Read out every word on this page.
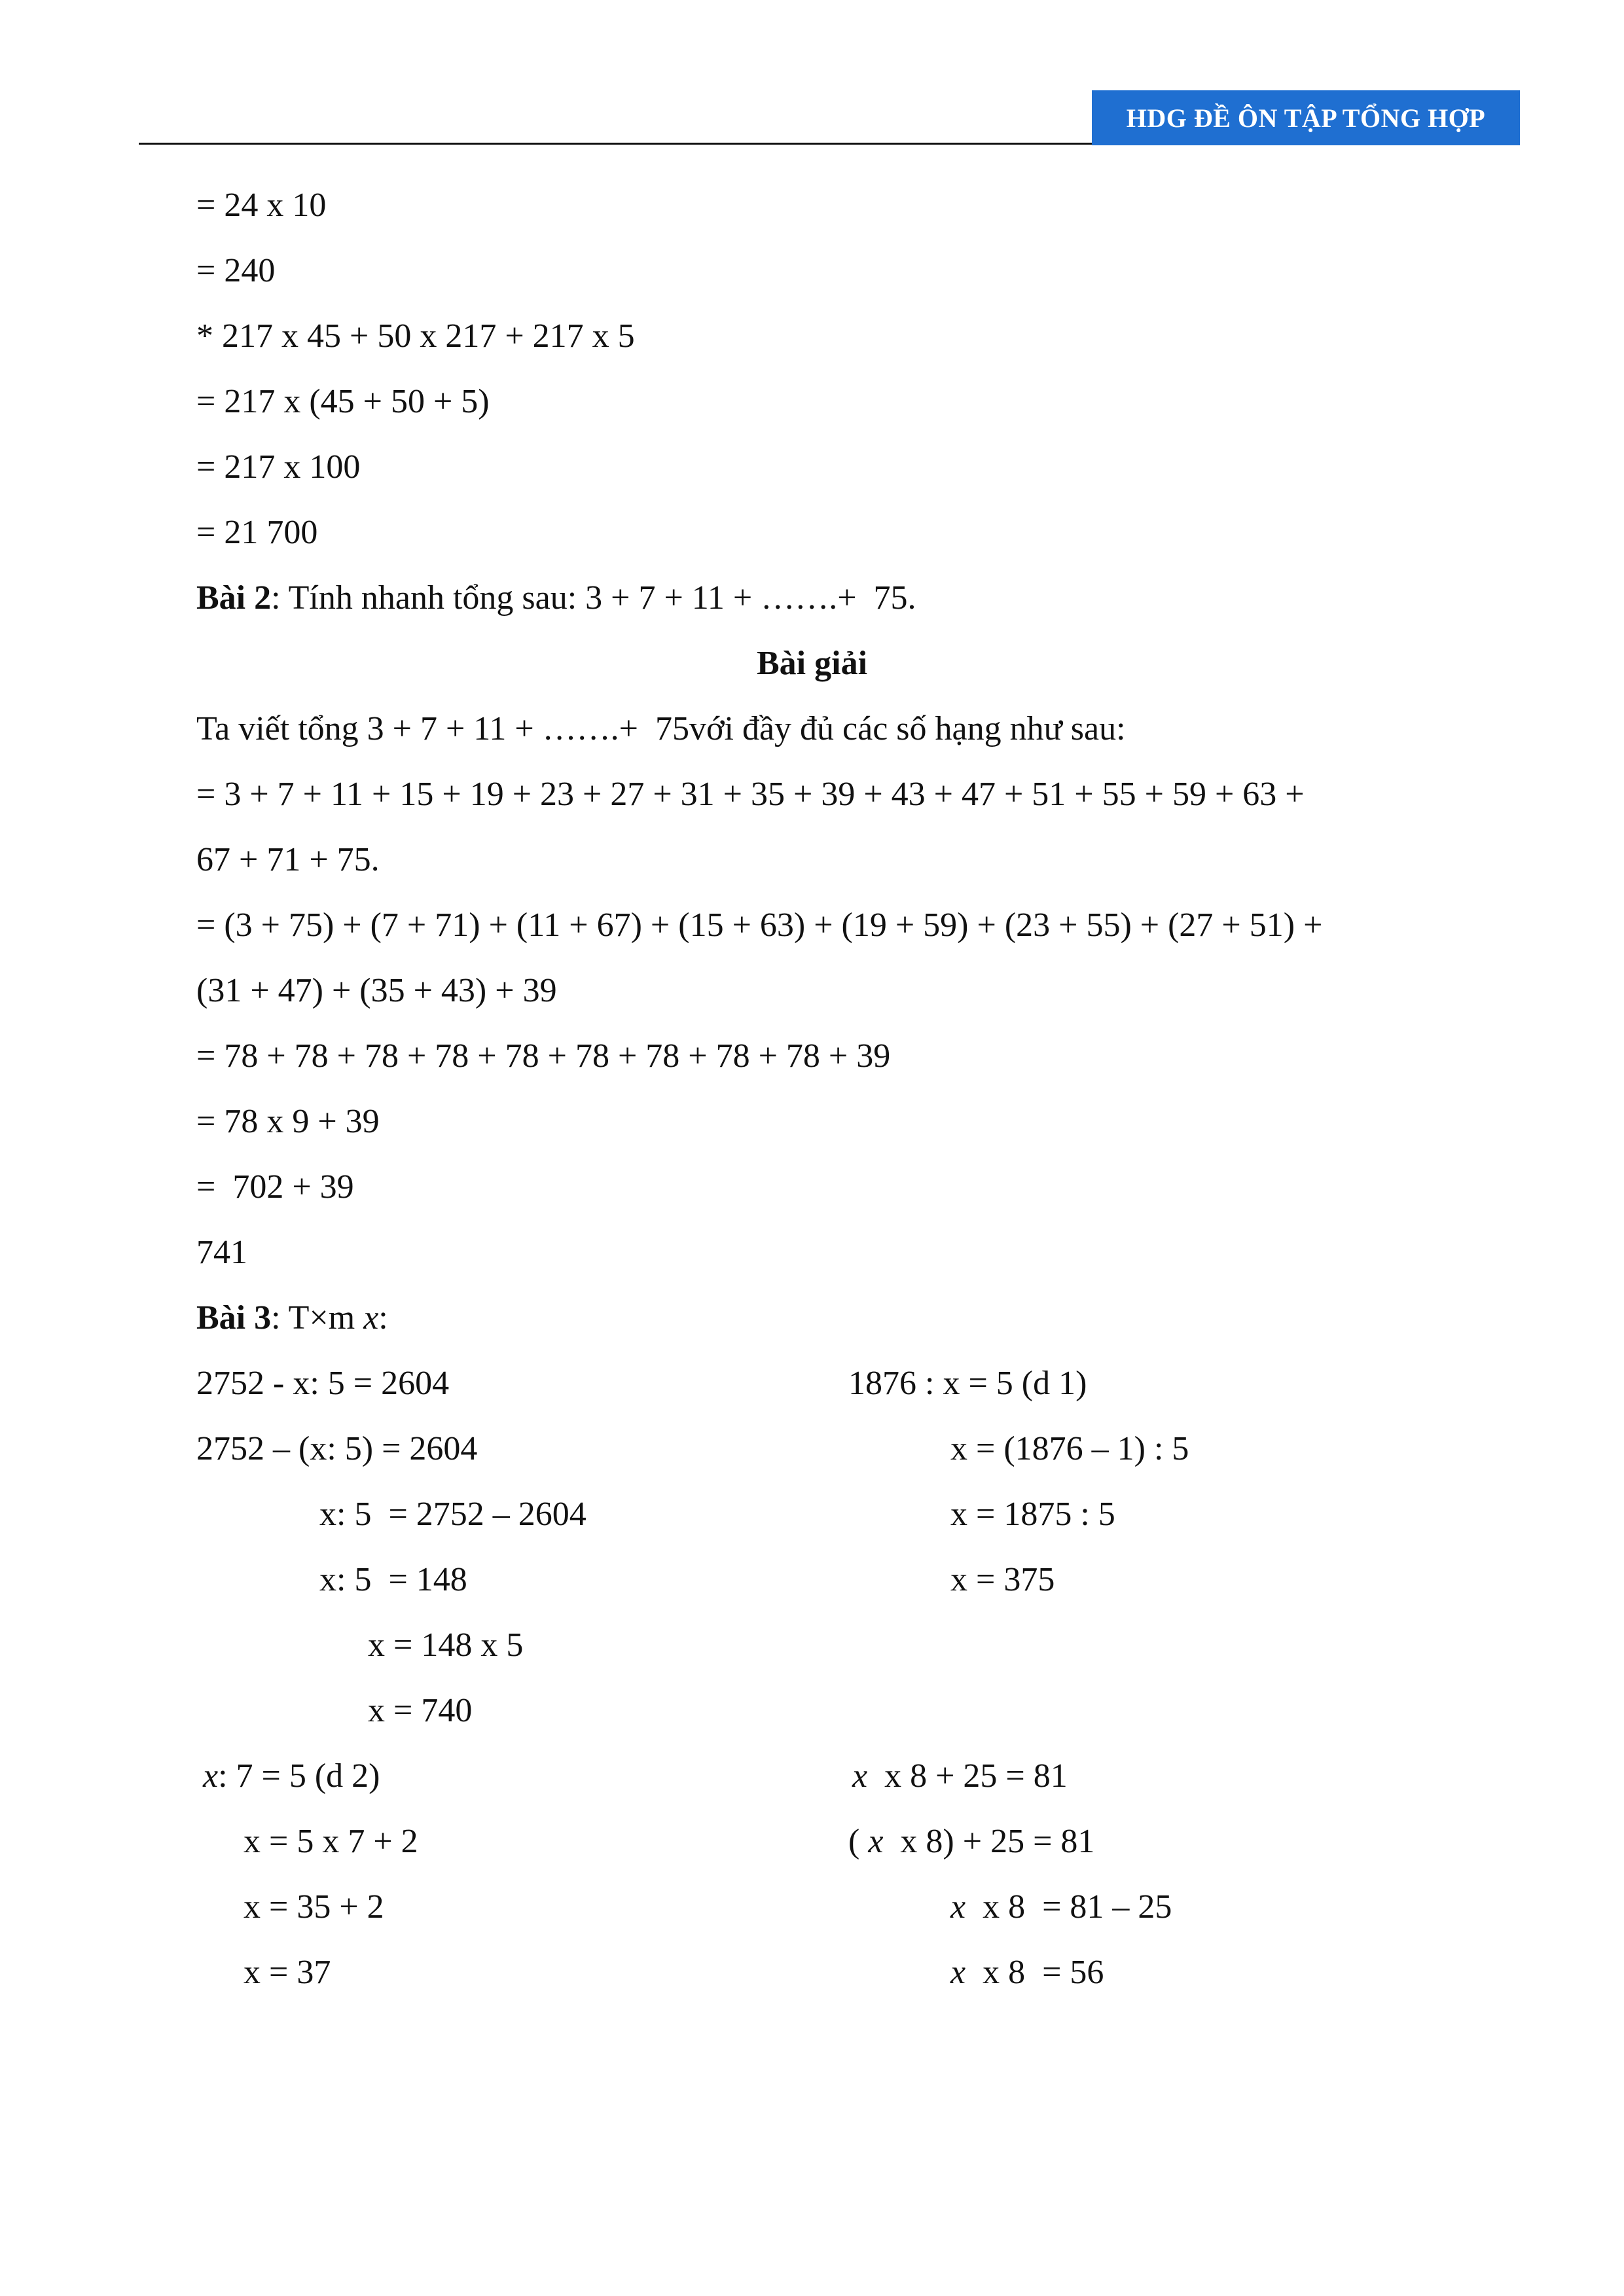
HDG ĐỀ ÔN TẬP TỔNG HỢP
= 24 x 10
= 240
* 217 x 45 + 50 x 217 + 217 x 5
= 217 x (45 + 50 + 5)
= 217 x 100
= 21 700
Bài 2: Tính nhanh tổng sau: 3 + 7 + 11 + …….+  75.
Bài giải
Ta viết tổng 3 + 7 + 11 + …….+  75với đầy đủ các số hạng như sau:
= 3 + 7 + 11 + 15 + 19 + 23 + 27 + 31 + 35 + 39 + 43 + 47 + 51 + 55 + 59 + 63 +
67 + 71 + 75.
= (3 + 75) + (7 + 71) + (11 + 67) + (15 + 63) + (19 + 59) + (23 + 55) + (27 + 51) +
(31 + 47) + (35 + 43) + 39
= 78 + 78 + 78 + 78 + 78 + 78 + 78 + 78 + 78 + 39
= 78 x 9 + 39
=  702 + 39
741
Bài 3: T×m x:
2752 - x: 5 = 2604
2752 – (x: 5) = 2604
x: 5  = 2752 – 2604
x: 5  = 148
x = 148 x 5
x = 740
x: 7 = 5 (d 2)
x = 5 x 7 + 2
x = 35 + 2
x = 37
1876 : x = 5 (d 1)
x = (1876 – 1) : 5
x = 1875 : 5
x = 375
x  x 8 + 25 = 81
( x  x 8) + 25 = 81
x  x 8  = 81 – 25
x  x 8  = 56
